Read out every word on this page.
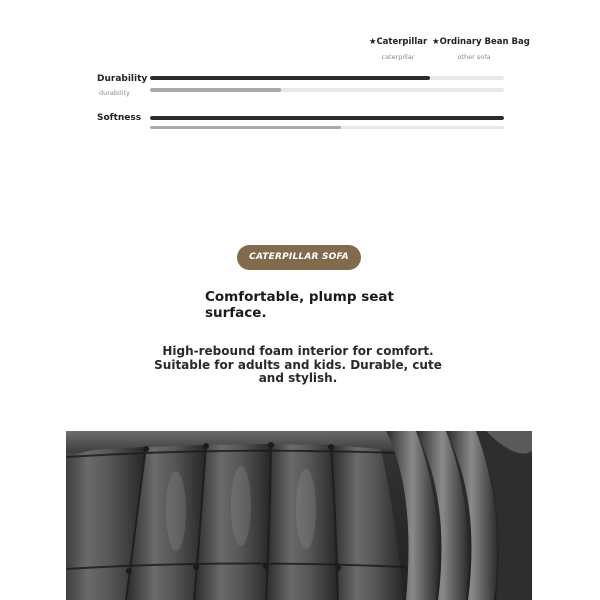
★Caterpillar
caterpillar
★Ordinary Bean Bag
other sofa
Durability
durability
Softness
CATERPILLAR SOFA
Comfortable, plump seat surface.
High-rebound foam interior for comfort. Suitable for adults and kids. Durable, cute and stylish.
